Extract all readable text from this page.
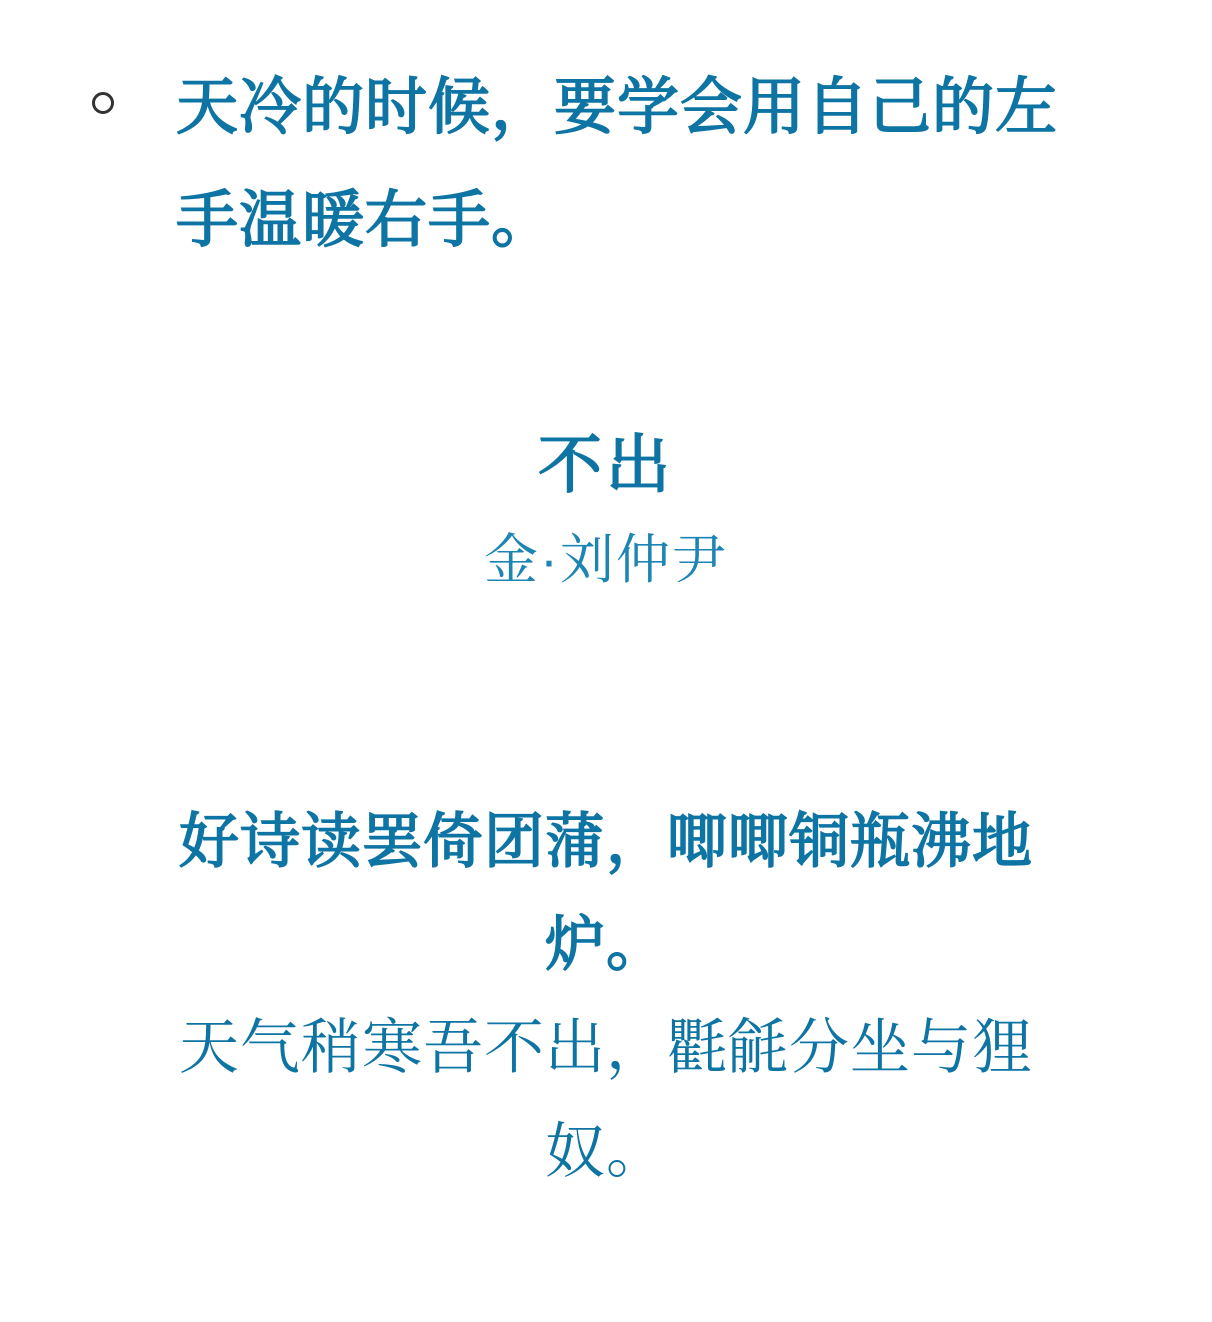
天冷的时候，要学会用自己的左手温暖右手。
不出
金·刘仲尹
好诗读罢倚团蒲，唧唧铜瓶沸地炉。
天气稍寒吾不出，氍毹分坐与狸奴。
